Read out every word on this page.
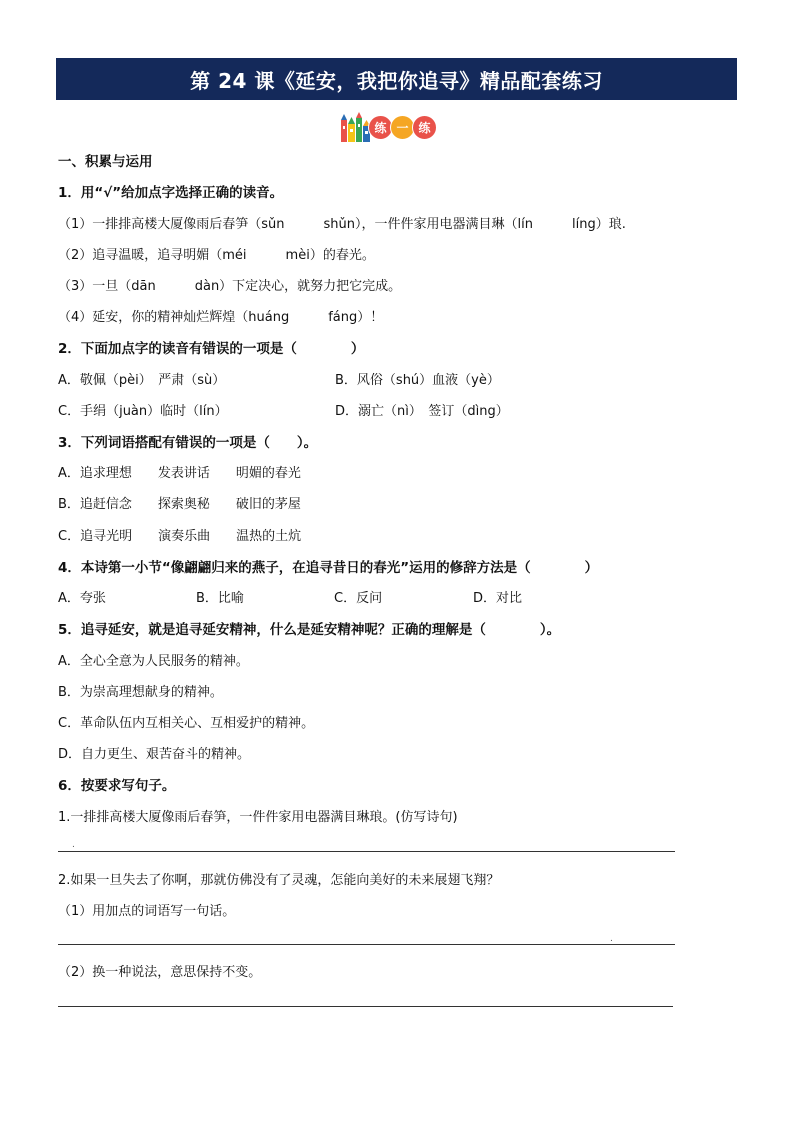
第 24 课《延安，我把你追寻》精品配套练习
练 一 练
一、积累与运用
1．用“√”给加点字选择正确的读音。
（1）一排排高楼大厦像雨后春笋（sǔn　　　shǔn），一件件家用电器满目琳（lín　　　líng）琅.
（2）追寻温暖，追寻明媚（méi　　　mèi）的春光。
（3）一旦（dān　　　dàn）下定决心，就努力把它完成。
（4）延安，你的精神灿烂辉煌（huáng　　　fáng）！
2．下面加点字的读音有错误的一项是（　　　　）
A．敬佩（pèi）　严肃（sù）	B．风俗（shú）血液（yè）
C．手绢（juàn）临时（lín）	D．溺亡（nì）　签订（dìng）
3．下列词语搭配有错误的一项是（　　）。
A．追求理想　　发表讲话　　明媚的春光
B．追赶信念　　探索奥秘　　破旧的茅屋
C．追寻光明　　演奏乐曲　　温热的土炕
4．本诗第一小节“像翩翩归来的燕子，在追寻昔日的春光”运用的修辞方法是（　　　　）
A．夸张	B．比喻	C．反问	D．对比
5．追寻延安，就是追寻延安精神，什么是延安精神呢？正确的理解是（　　　　）。
A．全心全意为人民服务的精神。
B．为崇高理想献身的精神。
C．革命队伍内互相关心、互相爱护的精神。
D．自力更生、艰苦奋斗的精神。
6．按要求写句子。
1.一排排高楼大厦像雨后春笋，一件件家用电器满目琳琅。(仿写诗句)
.
2.如果一旦失去了你啊，那就仿佛没有了灵魂，怎能向美好的未来展翅飞翔？
（1）用加点的词语写一句话。
.
（2）换一种说法，意思保持不变。
